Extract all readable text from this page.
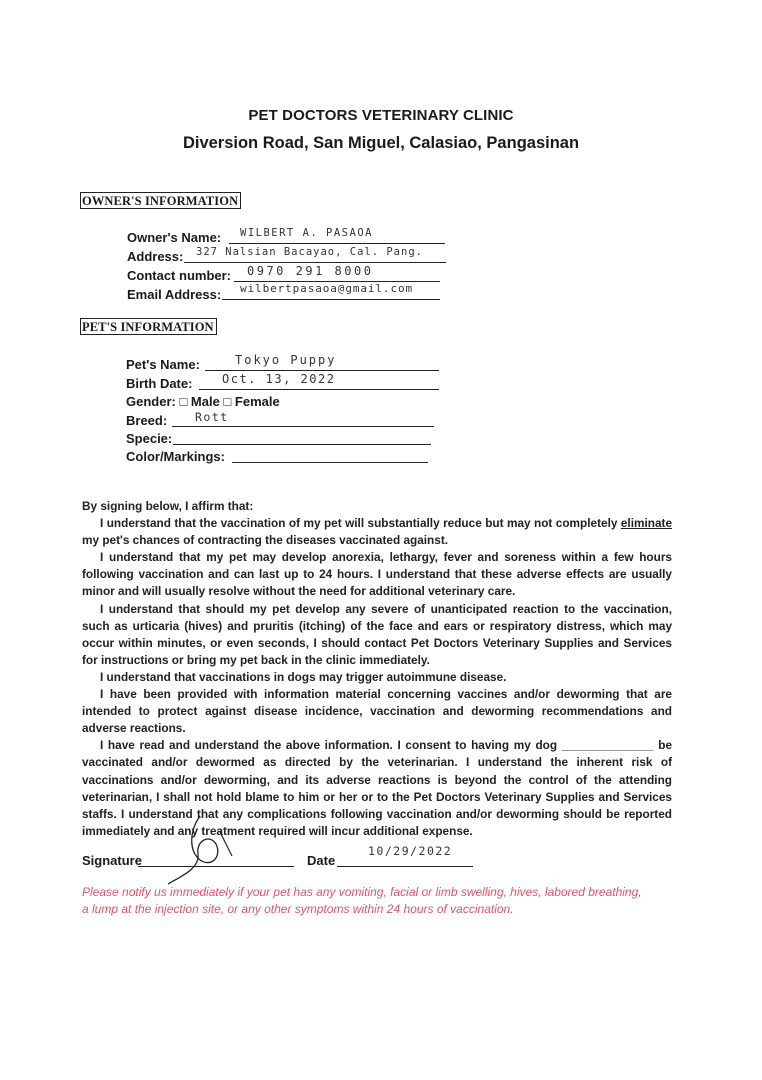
PET DOCTORS VETERINARY CLINIC
Diversion Road, San Miguel, Calasiao, Pangasinan
OWNER'S INFORMATION
Owner's Name: WILBERT A. PASAOA
Address: 327 Nalsian Bacayao, Cal. Pang.
Contact number: 0970 291 8000
Email Address: wilbertpasaoa@gmail.com
PET'S INFORMATION
Pet's Name:	Tokyo Puppy
Birth Date: Oct. 13, 2022
Gender: □ Male □ Female
Breed: Rott
Specie:
Color/Markings:

By signing below, I affirm that:

I understand that the vaccination of my pet will substantially reduce but may not completely eliminate my pet's chances of contracting the diseases vaccinated against.

I understand that my pet may develop anorexia, lethargy, fever and soreness within a few hours following vaccination and can last up to 24 hours. I understand that these adverse effects are usually minor and will usually resolve without the need for additional veterinary care.

I understand that should my pet develop any severe of unanticipated reaction to the vaccination, such as urticaria (hives) and pruritis (itching) of the face and ears or respiratory distress, which may occur within minutes, or even seconds, I should contact Pet Doctors Veterinary Supplies and Services for instructions or bring my pet back in the clinic immediately.

I understand that vaccinations in dogs may trigger autoimmune disease.

I have been provided with information material concerning vaccines and/or deworming that are intended to protect against disease incidence, vaccination and deworming recommendations and adverse reactions.

I have read and understand the above information. I consent to having my dog ______________ be vaccinated and/or dewormed as directed by the veterinarian. I understand the inherent risk of vaccinations and/or deworming, and its adverse reactions is beyond the control of the attending veterinarian, I shall not hold blame to him or her or to the Pet Doctors Veterinary Supplies and Services staffs. I understand that any complications following vaccination and/or deworming should be reported immediately and any treatment required will incur additional expense.

Signature	Date
10/29/2022
Please notify us immediately if your pet has any vomiting, facial or limb swelling, hives, labored breathing, a lump at the injection site, or any other symptoms within 24 hours of vaccination.
